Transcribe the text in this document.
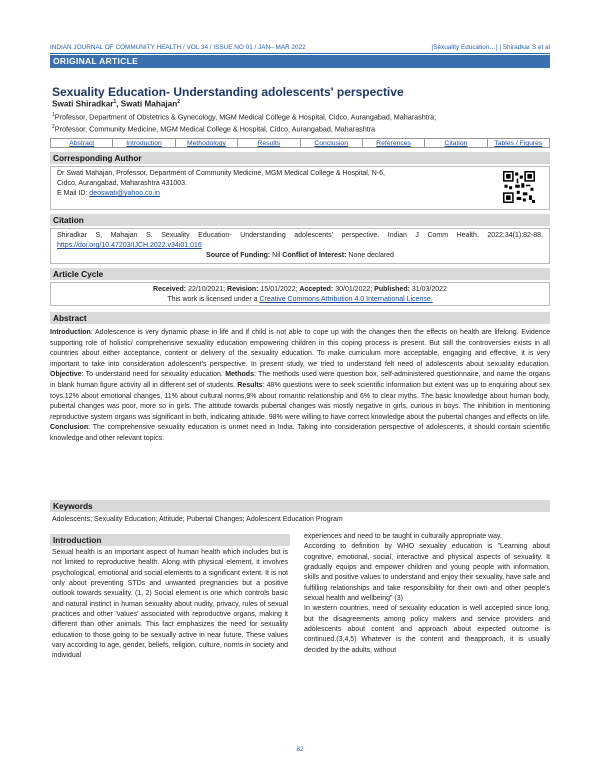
INDIAN JOURNAL OF COMMUNITY HEALTH / VOL 34 / ISSUE NO 01 / JAN– MAR 2022	[Sexuality Education…] | Shiradkar S et al
ORIGINAL ARTICLE
Sexuality Education- Understanding adolescents' perspective
Swati Shiradkar$^1$, Swati Mahajan$^2$
$^1$Professor, Department of Obstetrics & Gynecology, MGM Medical College & Hospital, Cidco, Aurangabad, Maharashtra;
$^2$Professor, Community Medicine, MGM Medical College & Hospital, Cidco, Aurangabad, Maharashtra
Abstract	Introduction	Methodology	Results	Conclusion	References	Citation	Tables / Figures
Corresponding Author
Dr Swati Mahajan, Professor, Department of Community Medicine, MGM Medical College & Hospital, N-6,
Cidco, Aurangabad, Maharashtra 431003.
E Mail ID: deoswati@yahoo.co.in
Citation
Shiradkar S, Mahajan S. Sexuality Education- Understanding adolescents' perspective. Indian J Comm Health. 2022;34(1):82-88. https://doi.org/10.47203/IJCH.2022.v34i01.016
Source of Funding: Nil Conflict of Interest: None declared
Article Cycle
Received: 22/10/2021; Revision: 15/01/2022; Accepted: 30/01/2022; Published: 31/03/2022
This work is licensed under a Creative Commons Attribution 4.0 International License.
Abstract
Introduction: Adolescence is very dynamic phase in life and if child is not able to cope up with the changes then the effects on health are lifelong. Evidence supporting role of holistic/ comprehensive sexuality education empowering children in this coping process is present. But still the controversies exists in all countries about either acceptance, content or delivery of the sexuality education. To make curriculum more acceptable, engaging and effective, it is very important to take into consideration adolescent's perspective. In present study, we tried to understand felt need of adolescents about sexuality education. Objective: To understand need for sexuality education. Methods: The methods used were question box, self-administered questionnaire, and name the organs in blank human figure activity all in different set of students. Results: 48% questions were to seek scientific information but extent was up to enquiring about sex toys.12% about emotional changes, 11% about cultural norms,9% about romantic relationship and 6% to clear myths. The basic knowledge about human body, pubertal changes was poor, more so in girls. The attitude towards pubertal changes was mostly negative in girls, curious in boys. The inhibition in mentioning reproductive system organs was significant in both, indicating attitude. 98% were willing to have correct knowledge about the pubertal changes and effects on life. Conclusion: The comprehensive sexuality education is unmet need in India. Taking into consideration perspective of adolescents, it should contain scientific knowledge and other relevant topics.
Keywords
Adolescents; Sexuality Education; Attitude; Pubertal Changes; Adolescent Education Program
Introduction
Sexual health is an important aspect of human health which includes but is not limited to reproductive health. Along with physical element, it involves psychological, emotional and social elements to a significant extent. It is not only about preventing STDs and unwanted pregnancies but a positive outlook towards sexuality. (1, 2) Social element is one which controls basic and natural instinct in human sexuality about nudity, privacy, rules of sexual practices and other 'values' associated with reproductive organs, making it different than other animals. This fact emphasizes the need for sexuality education to those going to be sexually active in near future. These values vary according to age, gender, beliefs, religion, culture, norms in society and individual
experiences and need to be taught in culturally appropriate way.
According to definition by WHO sexuality education is "Learning about cognitive, emotional, social, interactive and physical aspects of sexuality. It gradually equips and empower children and young people with information, skills and positive values to understand and enjoy their sexuality, have safe and fulfilling relationships and take responsibility for their own and other people's sexual health and wellbeing" (3)
In western countries, need of sexuality education is well accepted since long, but the disagreements among policy makers and service providers and adolescents about content and approach about expected outcome is continued.(3,4,5) Whatever is the content and theapproach, it is usually decided by the adults, without
82
